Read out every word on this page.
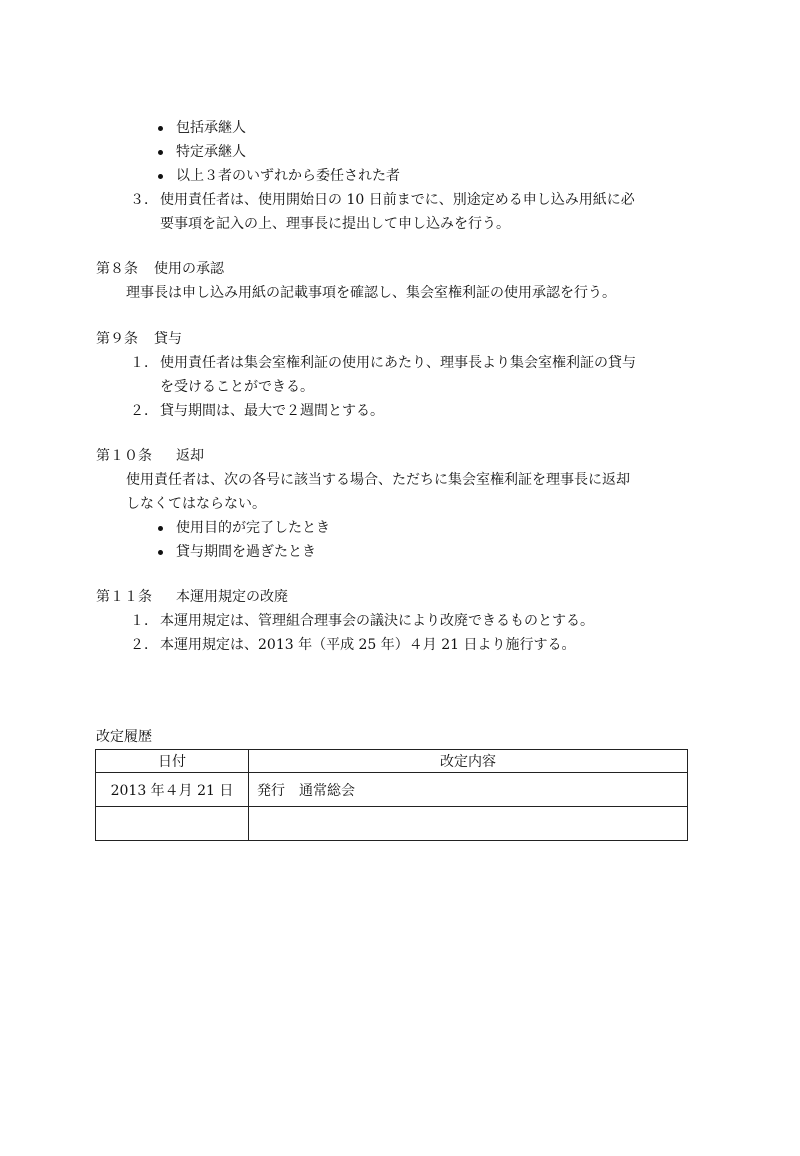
包括承継人
特定承継人
以上３者のいずれから委任された者
３． 使用責任者は、使用開始日の 10 日前までに、別途定める申し込み用紙に必
要事項を記入の上、理事長に提出して申し込みを行う。
第８条 使用の承認
理事長は申し込み用紙の記載事項を確認し、集会室権利証の使用承認を行う。
第９条 貸与
１． 使用責任者は集会室権利証の使用にあたり、理事長より集会室権利証の貸与
を受けることができる。
２． 貸与期間は、最大で２週間とする。
第１０条 返却
使用責任者は、次の各号に該当する場合、ただちに集会室権利証を理事長に返却
しなくてはならない。
使用目的が完了したとき
貸与期間を過ぎたとき
第１１条 本運用規定の改廃
１． 本運用規定は、管理組合理事会の議決により改廃できるものとする。
２． 本運用規定は、2013 年（平成 25 年）４月 21 日より施行する。
改定履歴
日付	改定内容
2013 年４月 21 日	発行　通常総会
